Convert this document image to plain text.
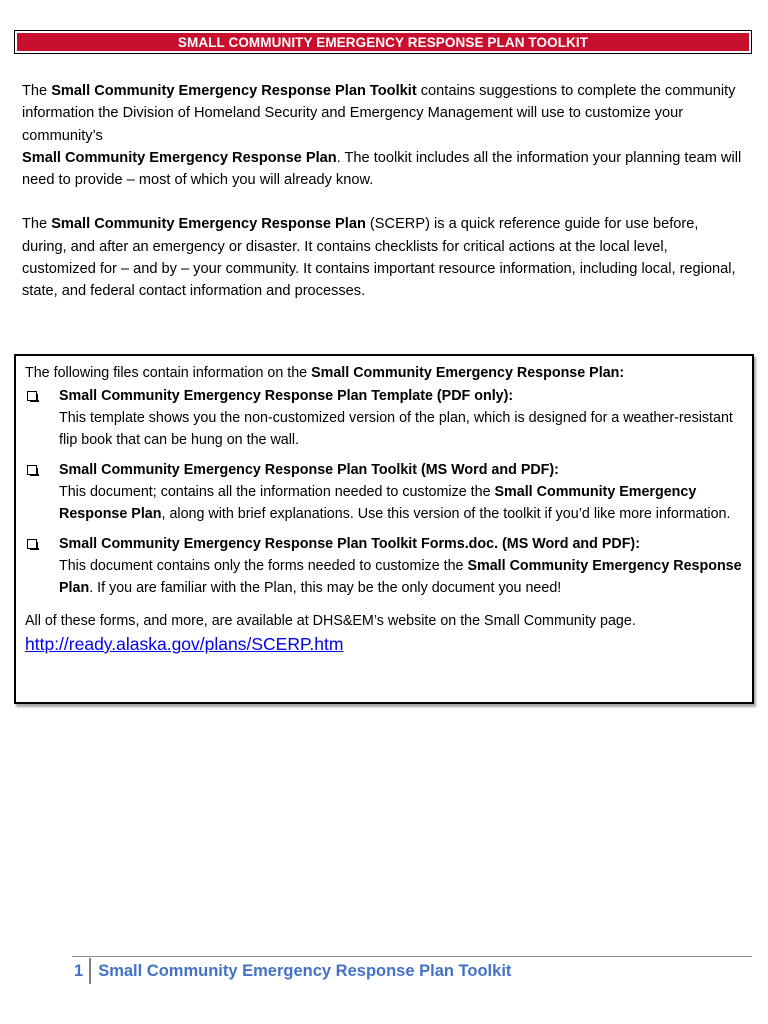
SMALL COMMUNITY EMERGENCY RESPONSE PLAN TOOLKIT

The Small Community Emergency Response Plan Toolkit contains suggestions to complete the community information the Division of Homeland Security and Emergency Management will use to customize your community’s
Small Community Emergency Response Plan. The toolkit includes all the information your planning team will need to provide – most of which you will already know.

The Small Community Emergency Response Plan (SCERP) is a quick reference guide for use before, during, and after an emergency or disaster. It contains checklists for critical actions at the local level, customized for – and by – your community. It contains important resource information, including local, regional, state, and federal contact information and processes.

The following files contain information on the Small Community Emergency Response Plan:

Small Community Emergency Response Plan Template (PDF only):
This template shows you the non-customized version of the plan, which is designed for a weather-resistant flip book that can be hung on the wall.
Small Community Emergency Response Plan Toolkit (MS Word and PDF):
This document; contains all the information needed to customize the Small Community Emergency Response Plan, along with brief explanations. Use this version of the toolkit if you’d like more information.
Small Community Emergency Response Plan Toolkit Forms.doc. (MS Word and PDF):
This document contains only the forms needed to customize the Small Community Emergency Response Plan. If you are familiar with the Plan, this may be the only document you need!
All of these forms, and more, are available at DHS&EM’s website on the Small Community page.
http://ready.alaska.gov/plans/SCERP.htm
1 Small Community Emergency Response Plan Toolkit
